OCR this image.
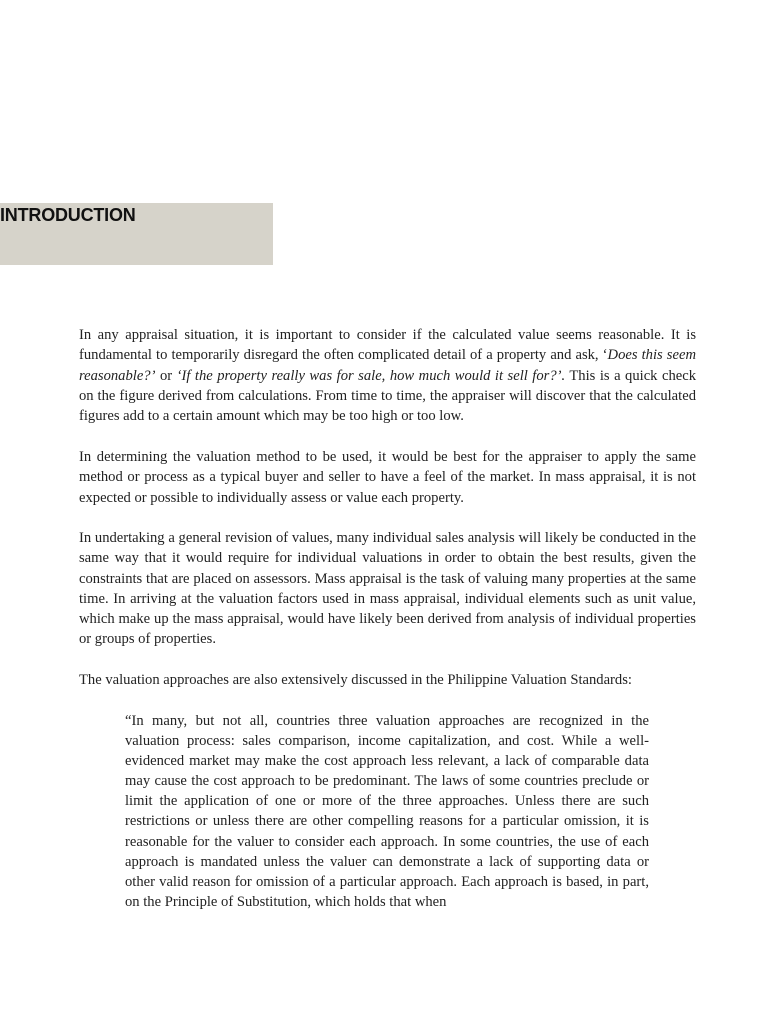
INTRODUCTION

In any appraisal situation, it is important to consider if the calculated value seems reasonable. It is fundamental to temporarily disregard the often complicated detail of a property and ask, ‘Does this seem reasonable?’ or ‘If the property really was for sale, how much would it sell for?’. This is a quick check on the figure derived from calculations. From time to time, the appraiser will discover that the calculated figures add to a certain amount which may be too high or too low.

In determining the valuation method to be used, it would be best for the appraiser to apply the same method or process as a typical buyer and seller to have a feel of the market. In mass appraisal, it is not expected or possible to individually assess or value each property.

In undertaking a general revision of values, many individual sales analysis will likely be conducted in the same way that it would require for individual valuations in order to obtain the best results, given the constraints that are placed on assessors. Mass appraisal is the task of valuing many properties at the same time. In arriving at the valuation factors used in mass appraisal, individual elements such as unit value, which make up the mass appraisal, would have likely been derived from analysis of individual properties or groups of properties.

The valuation approaches are also extensively discussed in the Philippine Valuation Standards:

“In many, but not all, countries three valuation approaches are recognized in the valuation process: sales comparison, income capitalization, and cost. While a well-evidenced market may make the cost approach less relevant, a lack of comparable data may cause the cost approach to be predominant. The laws of some countries preclude or limit the application of one or more of the three approaches. Unless there are such restrictions or unless there are other compelling reasons for a particular omission, it is reasonable for the valuer to consider each approach. In some countries, the use of each approach is mandated unless the valuer can demonstrate a lack of supporting data or other valid reason for omission of a particular approach. Each approach is based, in part, on the Principle of Substitution, which holds that when
